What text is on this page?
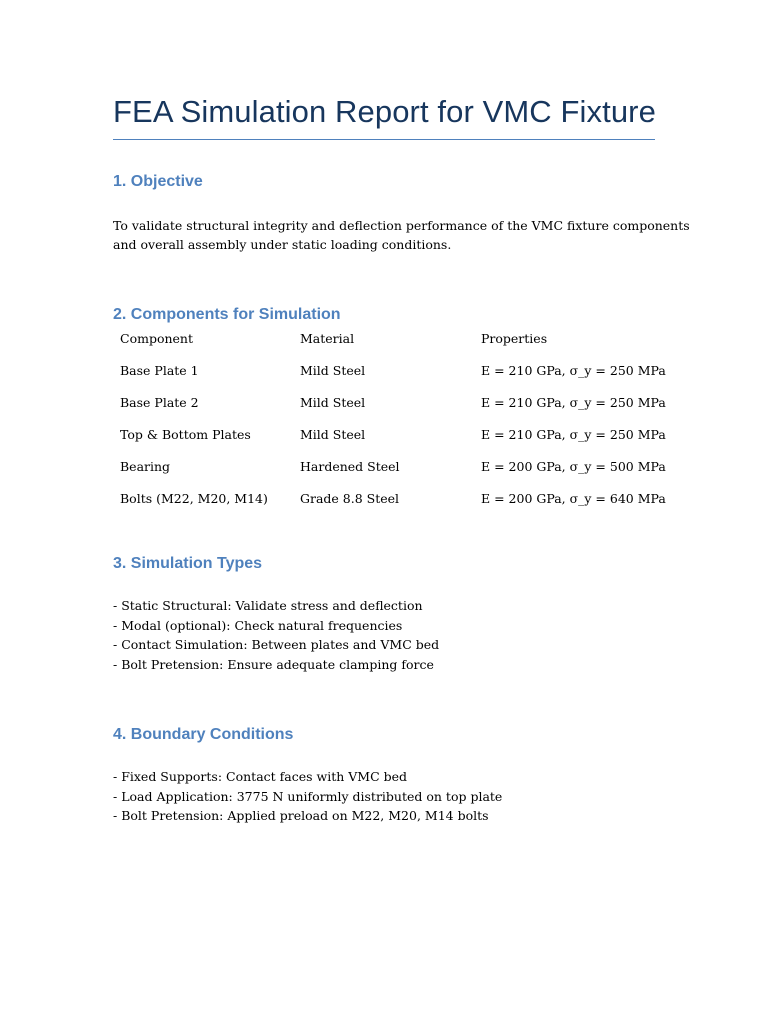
FEA Simulation Report for VMC Fixture
1. Objective
To validate structural integrity and deflection performance of the VMC fixture components
and overall assembly under static loading conditions.
2. Components for Simulation
Component	Material	Properties
Base Plate 1	Mild Steel	E = 210 GPa, σ_y = 250 MPa
Base Plate 2	Mild Steel	E = 210 GPa, σ_y = 250 MPa
Top & Bottom Plates	Mild Steel	E = 210 GPa, σ_y = 250 MPa
Bearing	Hardened Steel	E = 200 GPa, σ_y = 500 MPa
Bolts (M22, M20, M14)	Grade 8.8 Steel	E = 200 GPa, σ_y = 640 MPa
3. Simulation Types
- Static Structural: Validate stress and deflection
- Modal (optional): Check natural frequencies
- Contact Simulation: Between plates and VMC bed
- Bolt Pretension: Ensure adequate clamping force
4. Boundary Conditions
- Fixed Supports: Contact faces with VMC bed
- Load Application: 3775 N uniformly distributed on top plate
- Bolt Pretension: Applied preload on M22, M20, M14 bolts
